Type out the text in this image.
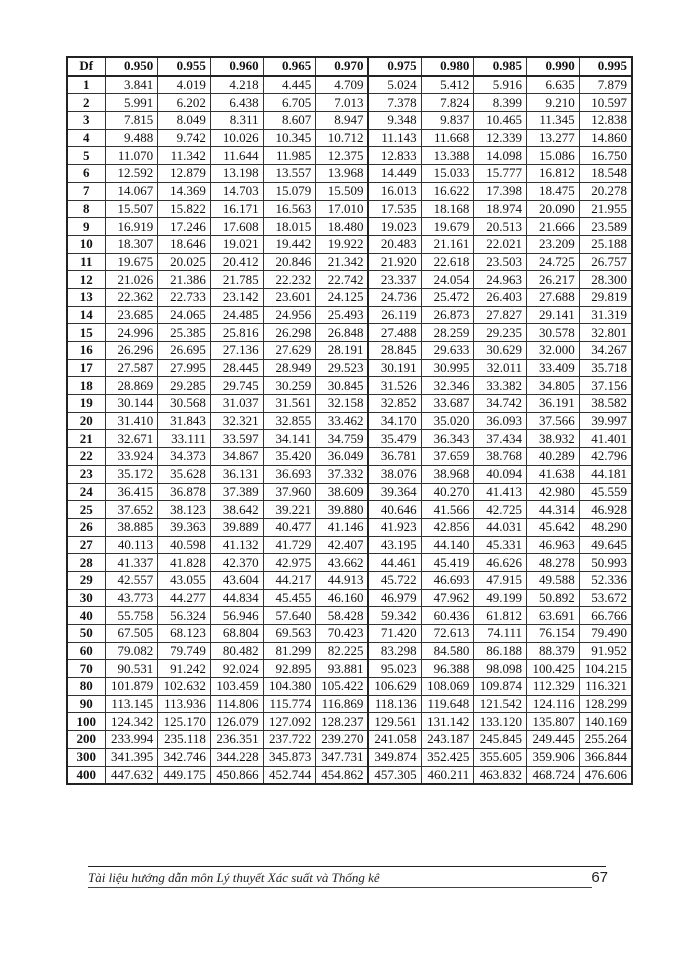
Df	0.950	0.955	0.960	0.965	0.970	0.975	0.980	0.985	0.990	0.995
1	3.841	4.019	4.218	4.445	4.709	5.024	5.412	5.916	6.635	7.879
2	5.991	6.202	6.438	6.705	7.013	7.378	7.824	8.399	9.210	10.597
3	7.815	8.049	8.311	8.607	8.947	9.348	9.837	10.465	11.345	12.838
4	9.488	9.742	10.026	10.345	10.712	11.143	11.668	12.339	13.277	14.860
5	11.070	11.342	11.644	11.985	12.375	12.833	13.388	14.098	15.086	16.750
6	12.592	12.879	13.198	13.557	13.968	14.449	15.033	15.777	16.812	18.548
7	14.067	14.369	14.703	15.079	15.509	16.013	16.622	17.398	18.475	20.278
8	15.507	15.822	16.171	16.563	17.010	17.535	18.168	18.974	20.090	21.955
9	16.919	17.246	17.608	18.015	18.480	19.023	19.679	20.513	21.666	23.589
10	18.307	18.646	19.021	19.442	19.922	20.483	21.161	22.021	23.209	25.188
11	19.675	20.025	20.412	20.846	21.342	21.920	22.618	23.503	24.725	26.757
12	21.026	21.386	21.785	22.232	22.742	23.337	24.054	24.963	26.217	28.300
13	22.362	22.733	23.142	23.601	24.125	24.736	25.472	26.403	27.688	29.819
14	23.685	24.065	24.485	24.956	25.493	26.119	26.873	27.827	29.141	31.319
15	24.996	25.385	25.816	26.298	26.848	27.488	28.259	29.235	30.578	32.801
16	26.296	26.695	27.136	27.629	28.191	28.845	29.633	30.629	32.000	34.267
17	27.587	27.995	28.445	28.949	29.523	30.191	30.995	32.011	33.409	35.718
18	28.869	29.285	29.745	30.259	30.845	31.526	32.346	33.382	34.805	37.156
19	30.144	30.568	31.037	31.561	32.158	32.852	33.687	34.742	36.191	38.582
20	31.410	31.843	32.321	32.855	33.462	34.170	35.020	36.093	37.566	39.997
21	32.671	33.111	33.597	34.141	34.759	35.479	36.343	37.434	38.932	41.401
22	33.924	34.373	34.867	35.420	36.049	36.781	37.659	38.768	40.289	42.796
23	35.172	35.628	36.131	36.693	37.332	38.076	38.968	40.094	41.638	44.181
24	36.415	36.878	37.389	37.960	38.609	39.364	40.270	41.413	42.980	45.559
25	37.652	38.123	38.642	39.221	39.880	40.646	41.566	42.725	44.314	46.928
26	38.885	39.363	39.889	40.477	41.146	41.923	42.856	44.031	45.642	48.290
27	40.113	40.598	41.132	41.729	42.407	43.195	44.140	45.331	46.963	49.645
28	41.337	41.828	42.370	42.975	43.662	44.461	45.419	46.626	48.278	50.993
29	42.557	43.055	43.604	44.217	44.913	45.722	46.693	47.915	49.588	52.336
30	43.773	44.277	44.834	45.455	46.160	46.979	47.962	49.199	50.892	53.672
40	55.758	56.324	56.946	57.640	58.428	59.342	60.436	61.812	63.691	66.766
50	67.505	68.123	68.804	69.563	70.423	71.420	72.613	74.111	76.154	79.490
60	79.082	79.749	80.482	81.299	82.225	83.298	84.580	86.188	88.379	91.952
70	90.531	91.242	92.024	92.895	93.881	95.023	96.388	98.098	100.425	104.215
80	101.879	102.632	103.459	104.380	105.422	106.629	108.069	109.874	112.329	116.321
90	113.145	113.936	114.806	115.774	116.869	118.136	119.648	121.542	124.116	128.299
100	124.342	125.170	126.079	127.092	128.237	129.561	131.142	133.120	135.807	140.169
200	233.994	235.118	236.351	237.722	239.270	241.058	243.187	245.845	249.445	255.264
300	341.395	342.746	344.228	345.873	347.731	349.874	352.425	355.605	359.906	366.844
400	447.632	449.175	450.866	452.744	454.862	457.305	460.211	463.832	468.724	476.606
Tài liệu hướng dẫn môn Lý thuyết Xác suất và Thống kê	67
